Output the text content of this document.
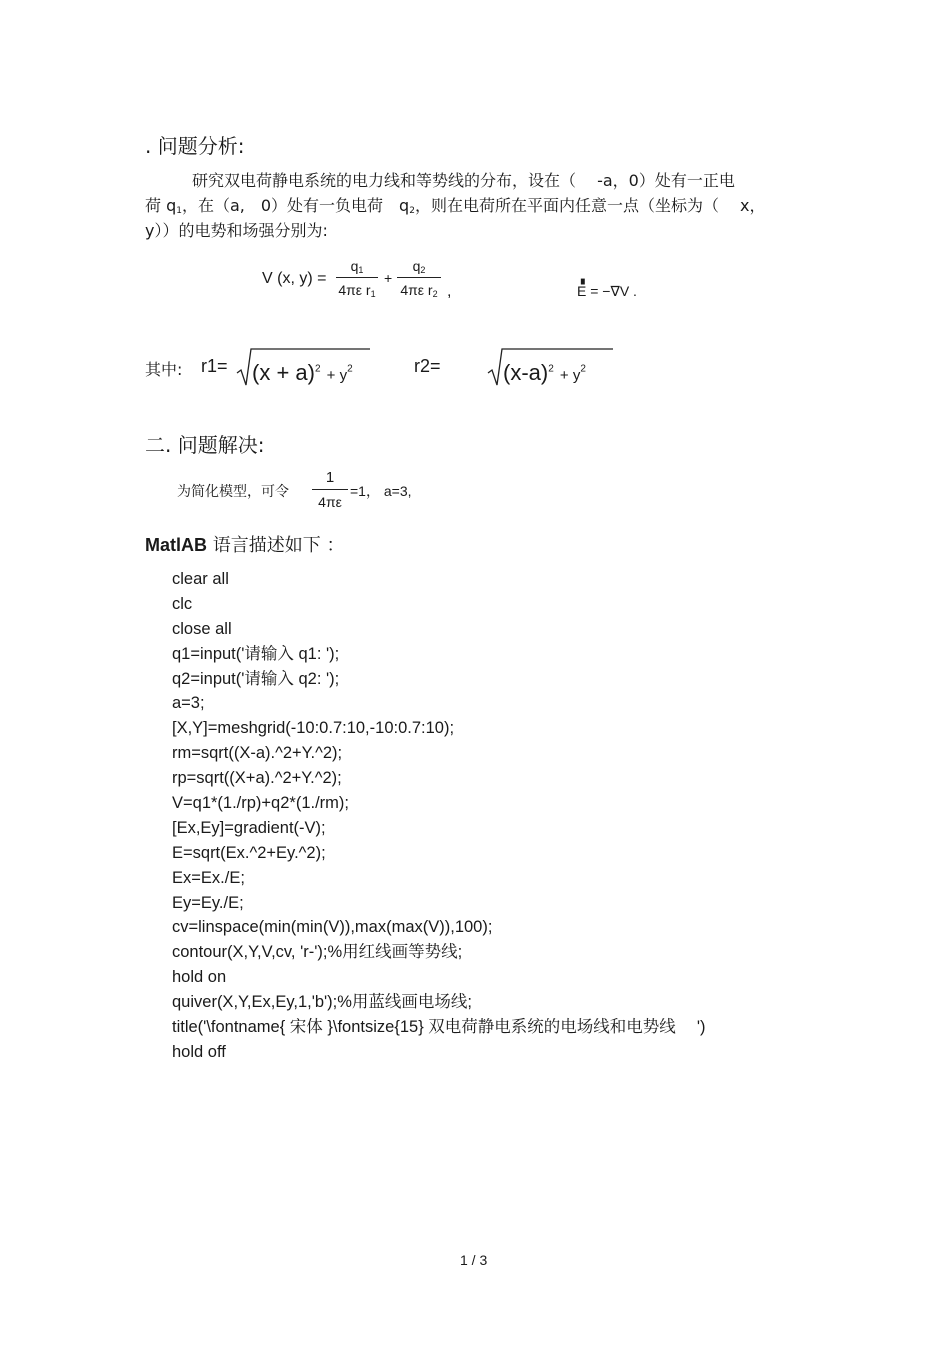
. 问题分析:
研究双电荷静电系统的电力线和等势线的分布，设在（　 -a，0）处有一正电
荷 $q_1$，在（a,　0）处有一负电荷　$q_2$，则在电荷所在平面内任意一点（坐标为（　 x，
y））的电势和场强分别为:
V (x, $y) = \frac{q_1}{4\pi\varepsilon r_1} + \frac{q_2}{4\pi\varepsilon r_2}$ ,
▗
E = −∇V .
其中: $r1= (x + a)^2 + y^2$	r2=	$(x-a)^2 + y^2$
二. 问题解决:
为简化模型，可令 $\frac{1}{4\pi\varepsilon} =1$， a=3,
MatlAB 语言描述如下 ：
clear all
clc
close all
q1=input('请输入 q1: ');
q2=input('请输入 q2: ');
a=3;
[X,Y]=meshgrid(-10:0.7:10,-10:0.7:10);
rm=sqrt((X-a).^2+Y.^2);
rp=sqrt((X+a).^2+Y.^2);
V=q1*(1./rp)+q2*(1./rm);
[Ex,Ey]=gradient(-V);
E=sqrt(Ex.^2+Ey.^2);
Ex=Ex./E;
Ey=Ey./E;
cv=linspace(min(min(V)),max(max(V)),100);
contour(X,Y,V,cv, 'r-');%用红线画等势线;
hold on
quiver(X,Y,Ex,Ey,1,'b');%用蓝线画电场线;
title('\fontname{ 宋体 }\fontsize{15} 双电荷静电系统的电场线和电势线　 ')
hold off
1 / 3
